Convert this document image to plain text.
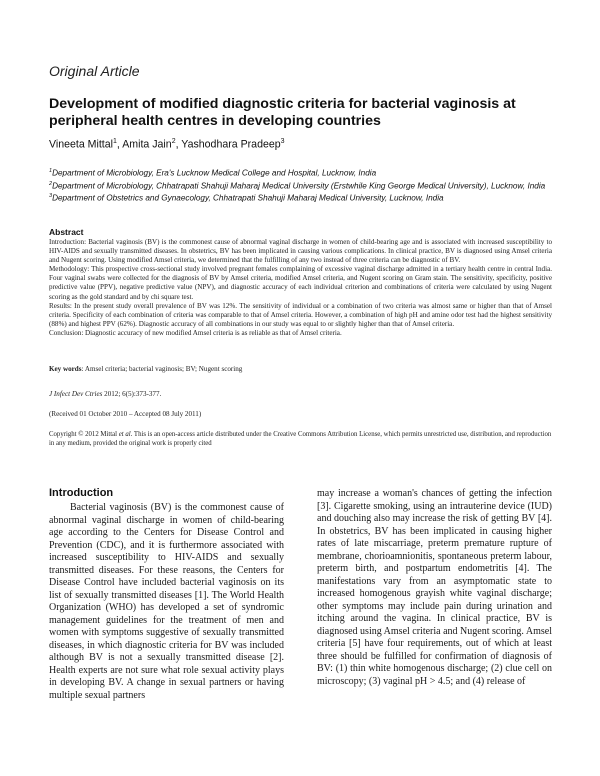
Original Article
Development of modified diagnostic criteria for bacterial vaginosis at peripheral health centres in developing countries
Vineeta Mittal$^1$, Amita Jain$^2$, Yashodhara Pradeep$^3$
$^1$Department of Microbiology, Era's Lucknow Medical College and Hospital, Lucknow, India
$^2$Department of Microbiology, Chhatrapati Shahuji Maharaj Medical University (Erstwhile King George Medical University), Lucknow, India
$^3$Department of Obstetrics and Gynaecology, Chhatrapati Shahuji Maharaj Medical University, Lucknow, India
Abstract

Introduction: Bacterial vaginosis (BV) is the commonest cause of abnormal vaginal discharge in women of child-bearing age and is associated with increased susceptibility to HIV-AIDS and sexually transmitted diseases. In obstetrics, BV has been implicated in causing various complications. In clinical practice, BV is diagnosed using Amsel criteria and Nugent scoring. Using modified Amsel criteria, we determined that the fulfilling of any two instead of three criteria can be diagnostic of BV.

Methodology: This prospective cross-sectional study involved pregnant females complaining of excessive vaginal discharge admitted in a tertiary health centre in central India. Four vaginal swabs were collected for the diagnosis of BV by Amsel criteria, modified Amsel criteria, and Nugent scoring on Gram stain. The sensitivity, specificity, positive predictive value (PPV), negative predictive value (NPV), and diagnostic accuracy of each individual criterion and combinations of criteria were calculated by using Nugent scoring as the gold standard and by chi square test.

Results: In the present study overall prevalence of BV was 12%. The sensitivity of individual or a combination of two criteria was almost same or higher than that of Amsel criteria. Specificity of each combination of criteria was comparable to that of Amsel criteria. However, a combination of high pH and amine odor test had the highest sensitivity (88%) and highest PPV (62%). Diagnostic accuracy of all combinations in our study was equal to or slightly higher than that of Amsel criteria.

Conclusion: Diagnostic accuracy of new modified Amsel criteria is as reliable as that of Amsel criteria.

Key words: Amsel criteria; bacterial vaginosis; BV; Nugent scoring
J Infect Dev Ctries 2012; 6(5):373-377.
(Received 01 October 2010 – Accepted 08 July 2011)
Copyright © 2012 Mittal et al. This is an open-access article distributed under the Creative Commons Attribution License, which permits unrestricted use, distribution, and reproduction in any medium, provided the original work is properly cited
Introduction
Bacterial vaginosis (BV) is the commonest cause of abnormal vaginal discharge in women of child-bearing age according to the Centers for Disease Control and Prevention (CDC), and it is furthermore associated with increased susceptibility to HIV-AIDS and sexually transmitted diseases. For these reasons, the Centers for Disease Control have included bacterial vaginosis on its list of sexually transmitted diseases [1]. The World Health Organization (WHO) has developed a set of syndromic management guidelines for the treatment of men and women with symptoms suggestive of sexually transmitted diseases, in which diagnostic criteria for BV was included although BV is not a sexually transmitted disease [2]. Health experts are not sure what role sexual activity plays in developing BV. A change in sexual partners or having multiple sexual partners
may increase a woman's chances of getting the infection [3]. Cigarette smoking, using an intrauterine device (IUD) and douching also may increase the risk of getting BV [4]. In obstetrics, BV has been implicated in causing higher rates of late miscarriage, preterm premature rupture of membrane, chorioamnionitis, spontaneous preterm labour, preterm birth, and postpartum endometritis [4]. The manifestations vary from an asymptomatic state to increased homogenous grayish white vaginal discharge; other symptoms may include pain during urination and itching around the vagina. In clinical practice, BV is diagnosed using Amsel criteria and Nugent scoring. Amsel criteria [5] have four requirements, out of which at least three should be fulfilled for confirmation of diagnosis of BV: (1) thin white homogenous discharge; (2) clue cell on microscopy; (3) vaginal pH > 4.5; and (4) release of
